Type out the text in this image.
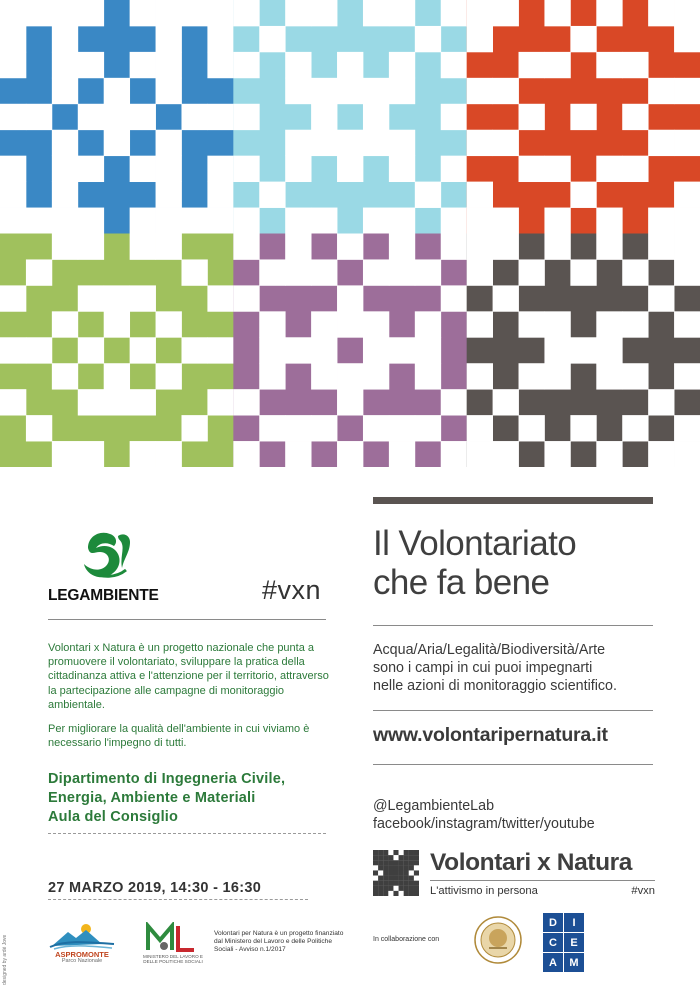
LEGAMBIENTE	#vxn

Volontari x Natura è un progetto nazionale che punta a promuovere il volontariato, sviluppare la pratica della cittadinanza attiva e l'attenzione per il territorio, attraverso la partecipazione alle campagne di monitoraggio ambientale.

Per migliorare la qualità dell'ambiente in cui viviamo è necessario l'impegno di tutti.

Dipartimento di Ingegneria Civile,
Energia, Ambiente e Materiali
Aula del Consiglio
27 MARZO 2019, 14:30 - 16:30
designed by ardé Jove	ASPROMONTE
Parco Nazionale
MINISTERO DEL LAVORO E DELLE POLITICHE SOCIALI
Volontari per Natura è un progetto finanziato dal Ministero del Lavoro e delle Politiche Sociali - Avviso n.1/2017
Il Volontariato
che fa bene
Acqua/Aria/Legalità/Biodiversità/Arte
sono i campi in cui puoi impegnarti
nelle azioni di monitoraggio scientifico.
www.volontaripernatura.it
@LegambienteLab
facebook/instagram/twitter/youtube
Volontari x Natura
L'attivismo in persona	#vxn
In collaborazione con
D	I
C	E
A	M
